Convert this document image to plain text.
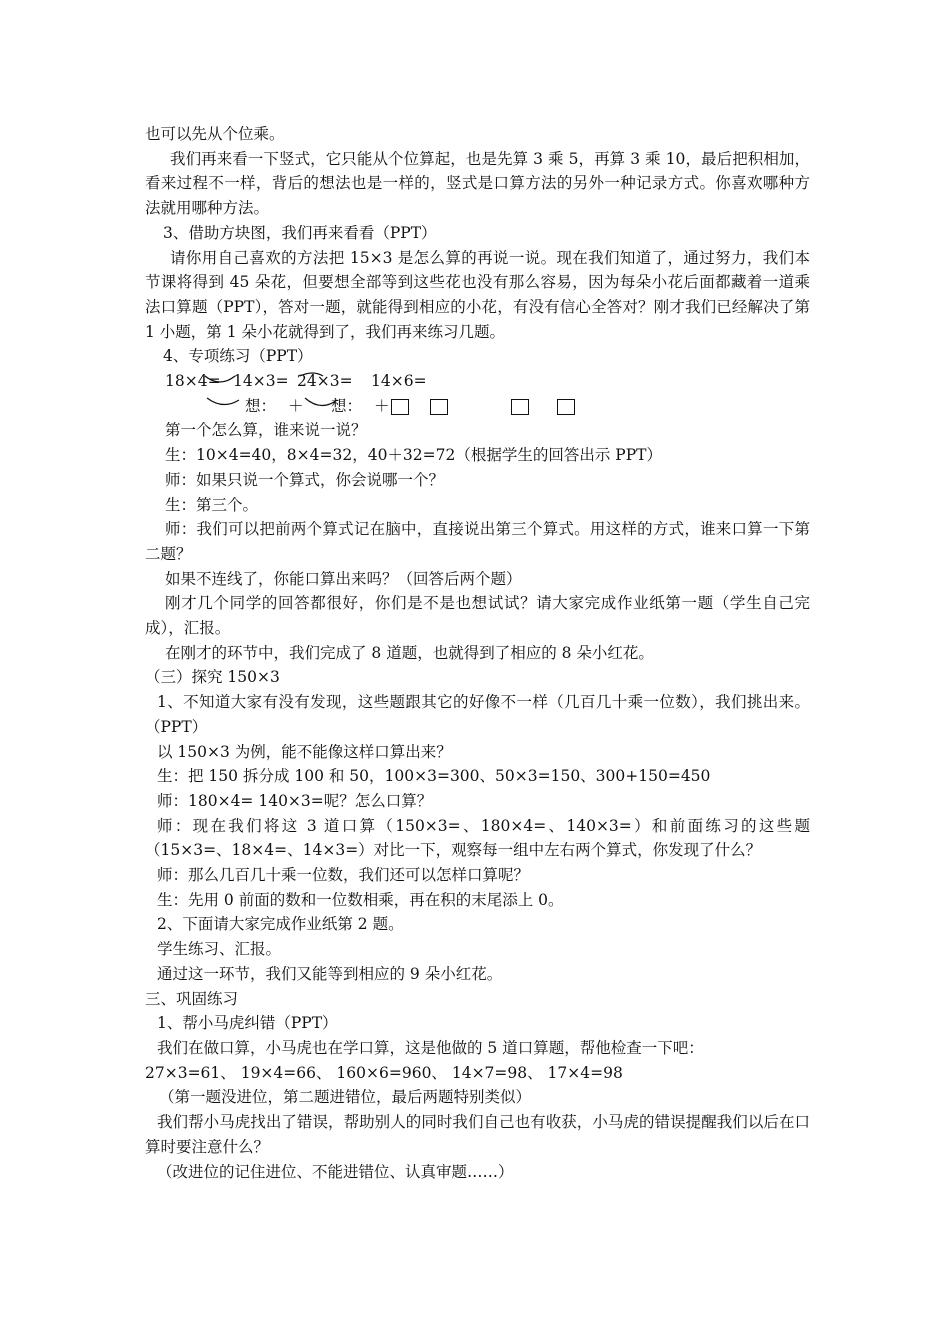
也可以先从个位乘。
我们再来看一下竖式，它只能从个位算起，也是先算 3 乘 5，再算 3 乘 10，最后把积相加，看来过程不一样，背后的想法也是一样的，竖式是口算方法的另外一种记录方式。你喜欢哪种方法就用哪种方法。
3、借助方块图，我们再来看看（PPT）
请你用自己喜欢的方法把 15×3 是怎么算的再说一说。现在我们知道了，通过努力，我们本节课将得到 45 朵花，但要想全部等到这些花也没有那么容易，因为每朵小花后面都藏着一道乘法口算题（PPT），答对一题，就能得到相应的小花，有没有信心全答对？刚才我们已经解决了第 1 小题，第 1 朵小花就得到了，我们再来练习几题。
4、专项练习（PPT）
18×4= 14×3= 24×3= 14×6=
想： ＋ 想： ＋
第一个怎么算，谁来说一说？
生：10×4=40，8×4=32，40＋32=72（根据学生的回答出示 PPT）
师：如果只说一个算式，你会说哪一个？
生：第三个。
师：我们可以把前两个算式记在脑中，直接说出第三个算式。用这样的方式，谁来口算一下第二题？
如果不连线了，你能口算出来吗？（回答后两个题）
刚才几个同学的回答都很好，你们是不是也想试试？请大家完成作业纸第一题（学生自己完成），汇报。
在刚才的环节中，我们完成了 8 道题，也就得到了相应的 8 朵小红花。
（三）探究 150×3
1、不知道大家有没有发现，这些题跟其它的好像不一样（几百几十乘一位数），我们挑出来。（PPT）
以 150×3 为例，能不能像这样口算出来？
生：把 150 拆分成 100 和 50，100×3=300、50×3=150、300+150=450
师：180×4= 140×3=呢？怎么口算？
师：现在我们将这 3 道口算（150×3=、180×4=、140×3=）和前面练习的这些题（15×3=、18×4=、14×3=）对比一下，观察每一组中左右两个算式，你发现了什么？
师：那么几百几十乘一位数，我们还可以怎样口算呢？
生：先用 0 前面的数和一位数相乘，再在积的末尾添上 0。
2、下面请大家完成作业纸第 2 题。
学生练习、汇报。
通过这一环节，我们又能等到相应的 9 朵小红花。
三、巩固练习
1、帮小马虎纠错（PPT）
我们在做口算，小马虎也在学口算，这是他做的 5 道口算题，帮他检查一下吧：
27×3=61、 19×4=66、 160×6=960、 14×7=98、 17×4=98
（第一题没进位，第二题进错位，最后两题特别类似）
我们帮小马虎找出了错误，帮助别人的同时我们自己也有收获，小马虎的错误提醒我们以后在口算时要注意什么？
（改进位的记住进位、不能进错位、认真审题……）
